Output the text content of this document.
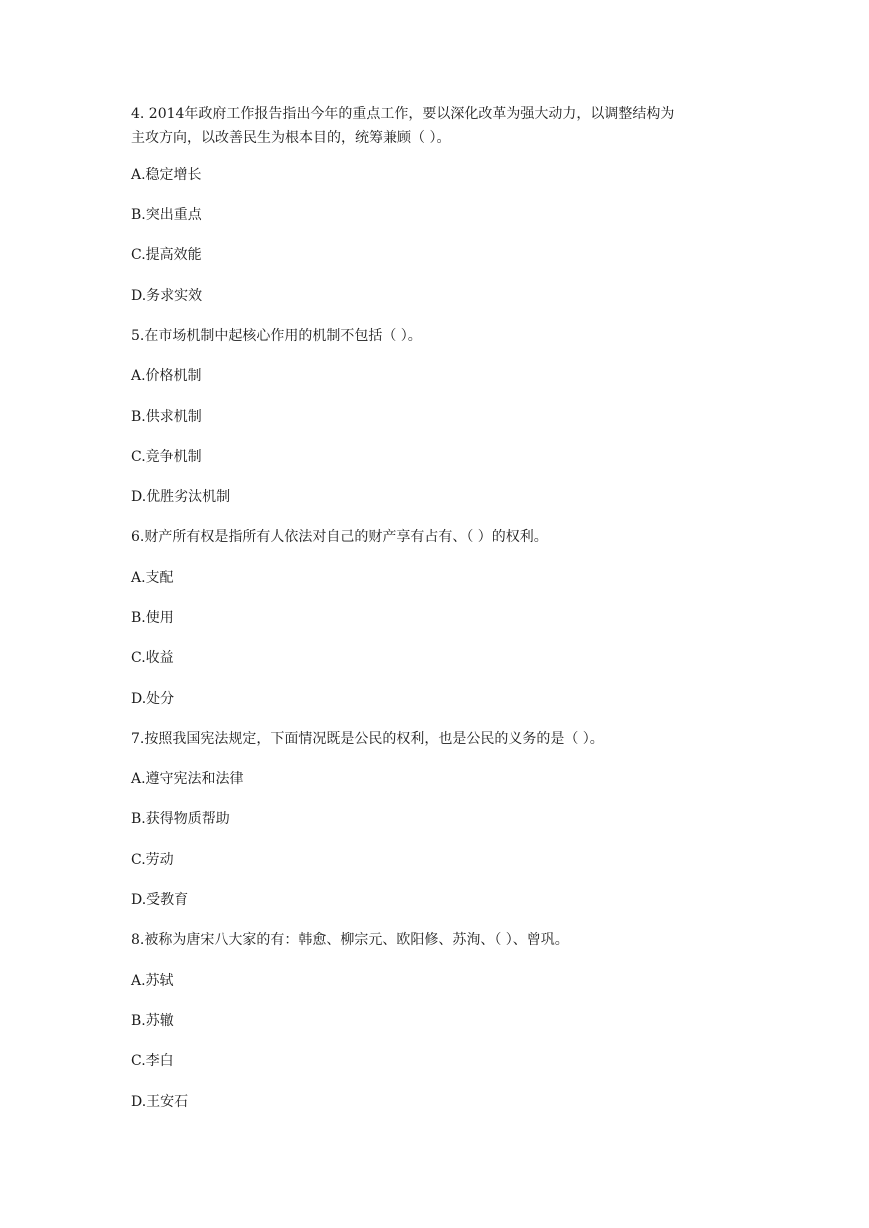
4. 2014年政府工作报告指出今年的重点工作，要以深化改革为强大动力，以调整结构为

主攻方向，以改善民生为根本目的，统筹兼顾（ ）。

A.稳定增长

B.突出重点

C.提高效能

D.务求实效

5.在市场机制中起核心作用的机制不包括（ ）。

A.价格机制

B.供求机制

C.竞争机制

D.优胜劣汰机制

6.财产所有权是指所有人依法对自己的财产享有占有、（ ）的权利。

A.支配

B.使用

C.收益

D.处分

7.按照我国宪法规定，下面情况既是公民的权利，也是公民的义务的是（ ）。

A.遵守宪法和法律

B.获得物质帮助

C.劳动

D.受教育

8.被称为唐宋八大家的有：韩愈、柳宗元、欧阳修、苏洵、（ ）、曾巩。

A.苏轼

B.苏辙

C.李白

D.王安石
